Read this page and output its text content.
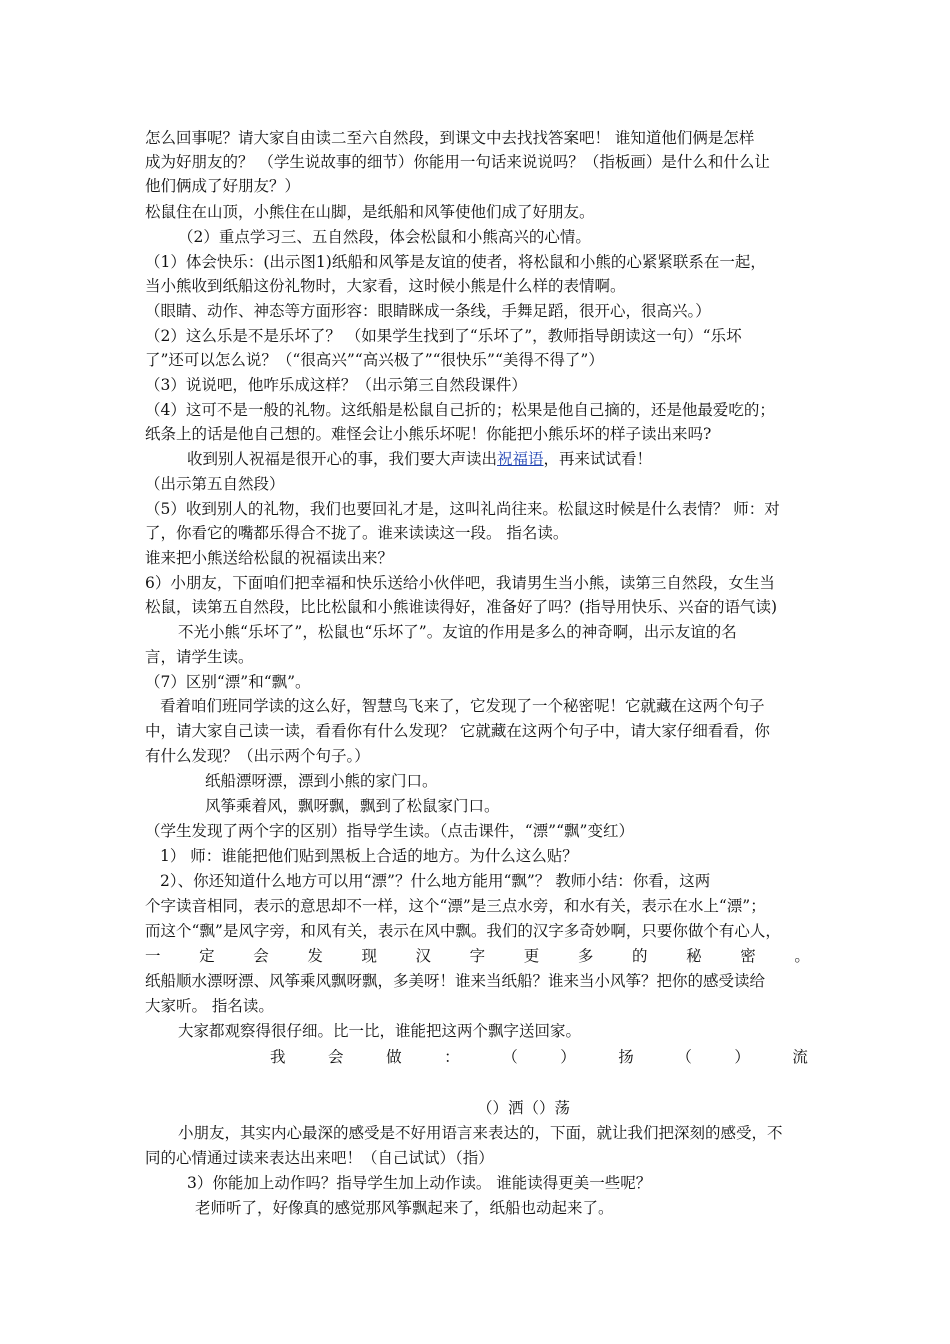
怎么回事呢？请大家自由读二至六自然段，到课文中去找找答案吧！ 谁知道他们俩是怎样
成为好朋友的？ （学生说故事的细节）你能用一句话来说说吗？（指板画）是什么和什么让
他们俩成了好朋友？）
松鼠住在山顶，小熊住在山脚，是纸船和风筝使他们成了好朋友。
（2）重点学习三、五自然段，体会松鼠和小熊高兴的心情。
（1）体会快乐：(出示图1)纸船和风筝是友谊的使者，将松鼠和小熊的心紧紧联系在一起，
当小熊收到纸船这份礼物时，大家看，这时候小熊是什么样的表情啊。
（眼睛、动作、神态等方面形容：眼睛眯成一条线，手舞足蹈，很开心，很高兴。）
（2）这么乐是不是乐坏了？ （如果学生找到了“乐坏了”，教师指导朗读这一句）“乐坏
了”还可以怎么说？（“很高兴”“高兴极了”“很快乐”“美得不得了”）
（3）说说吧，他咋乐成这样？（出示第三自然段课件）
（4）这可不是一般的礼物。这纸船是松鼠自己折的；松果是他自己摘的，还是他最爱吃的；
纸条上的话是他自己想的。难怪会让小熊乐坏呢！你能把小熊乐坏的样子读出来吗?
收到别人祝福是很开心的事，我们要大声读出祝福语，再来试试看！
（出示第五自然段）
（5）收到别人的礼物，我们也要回礼才是，这叫礼尚往来。松鼠这时候是什么表情？ 师：对
了，你看它的嘴都乐得合不拢了。谁来读读这一段。 指名读。
谁来把小熊送给松鼠的祝福读出来？
6）小朋友，下面咱们把幸福和快乐送给小伙伴吧，我请男生当小熊，读第三自然段，女生当
松鼠，读第五自然段，比比松鼠和小熊谁读得好，准备好了吗？(指导用快乐、兴奋的语气读)
不光小熊“乐坏了”，松鼠也“乐坏了”。友谊的作用是多么的神奇啊，出示友谊的名
言，请学生读。
（7）区别“漂”和“飘”。
看着咱们班同学读的这么好，智慧鸟飞来了，它发现了一个秘密呢！它就藏在这两个句子
中，请大家自己读一读，看看你有什么发现？ 它就藏在这两个句子中，请大家仔细看看，你
有什么发现？（出示两个句子。）
纸船漂呀漂，漂到小熊的家门口。
风筝乘着风，飘呀飘，飘到了松鼠家门口。
（学生发现了两个字的区别）指导学生读。（点击课件，“漂”“飘”变红）
1） 师：谁能把他们贴到黑板上合适的地方。为什么这么贴？
2）、你还知道什么地方可以用“漂”？什么地方能用“飘”？ 教师小结：你看，这两
个字读音相同，表示的意思却不一样，这个“漂”是三点水旁，和水有关，表示在水上“漂”；
而这个“飘”是风字旁，和风有关，表示在风中飘。我们的汉字多奇妙啊，只要你做个有心人，
一 定 会 发 现 汉 字 更 多 的 秘 密 。
纸船顺水漂呀漂、风筝乘风飘呀飘，多美呀！谁来当纸船？谁来当小风筝？把你的感受读给
大家听。 指名读。
大家都观察得很仔细。比一比，谁能把这两个飘字送回家。
我	会	做	：	（	）	扬	（	）	流
（）洒（）荡
小朋友，其实内心最深的感受是不好用语言来表达的，下面，就让我们把深刻的感受，不
同的心情通过读来表达出来吧！（自己试试）（指）
3）你能加上动作吗？指导学生加上动作读。 谁能读得更美一些呢？
老师听了，好像真的感觉那风筝飘起来了，纸船也动起来了。
